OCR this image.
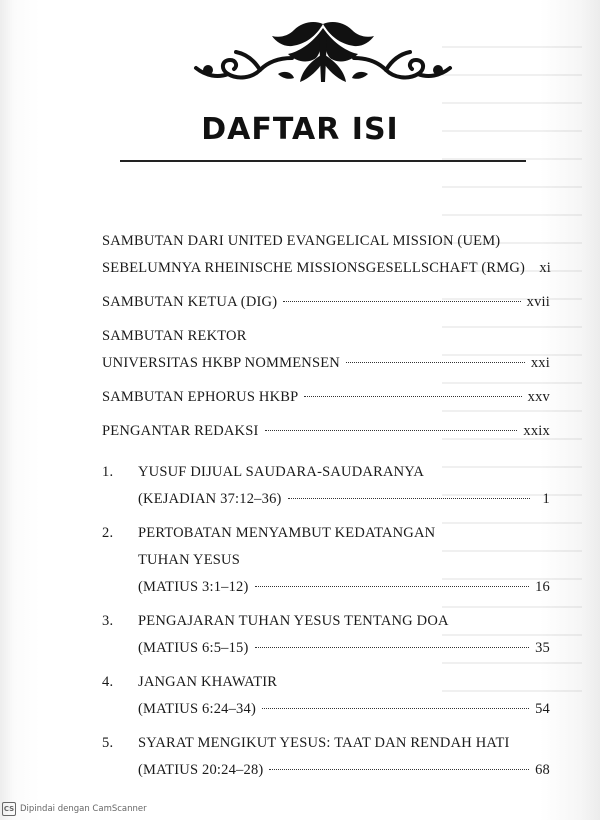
DAFTAR ISI
SAMBUTAN DARI UNITED EVANGELICAL MISSION (UEM)
SEBELUMNYA RHEINISCHE MISSIONSGESELLSCHAFT (RMG) xi
SAMBUTAN KETUA (DIG)	xvii
SAMBUTAN REKTOR
UNIVERSITAS HKBP NOMMENSEN	xxi
SAMBUTAN EPHORUS HKBP	xxv
PENGANTAR REDAKSI	xxix
1. YUSUF DIJUAL SAUDARA-SAUDARANYA
(KEJADIAN 37:12–36)	1
2. PERTOBATAN MENYAMBUT KEDATANGAN
TUHAN YESUS
(MATIUS 3:1–12)	16
3. PENGAJARAN TUHAN YESUS TENTANG DOA
(MATIUS 6:5–15)	35
4. JANGAN KHAWATIR
(MATIUS 6:24–34)	54
5. SYARAT MENGIKUT YESUS: TAAT DAN RENDAH HATI
(MATIUS 20:24–28)	68
CS Dipindai dengan CamScanner
